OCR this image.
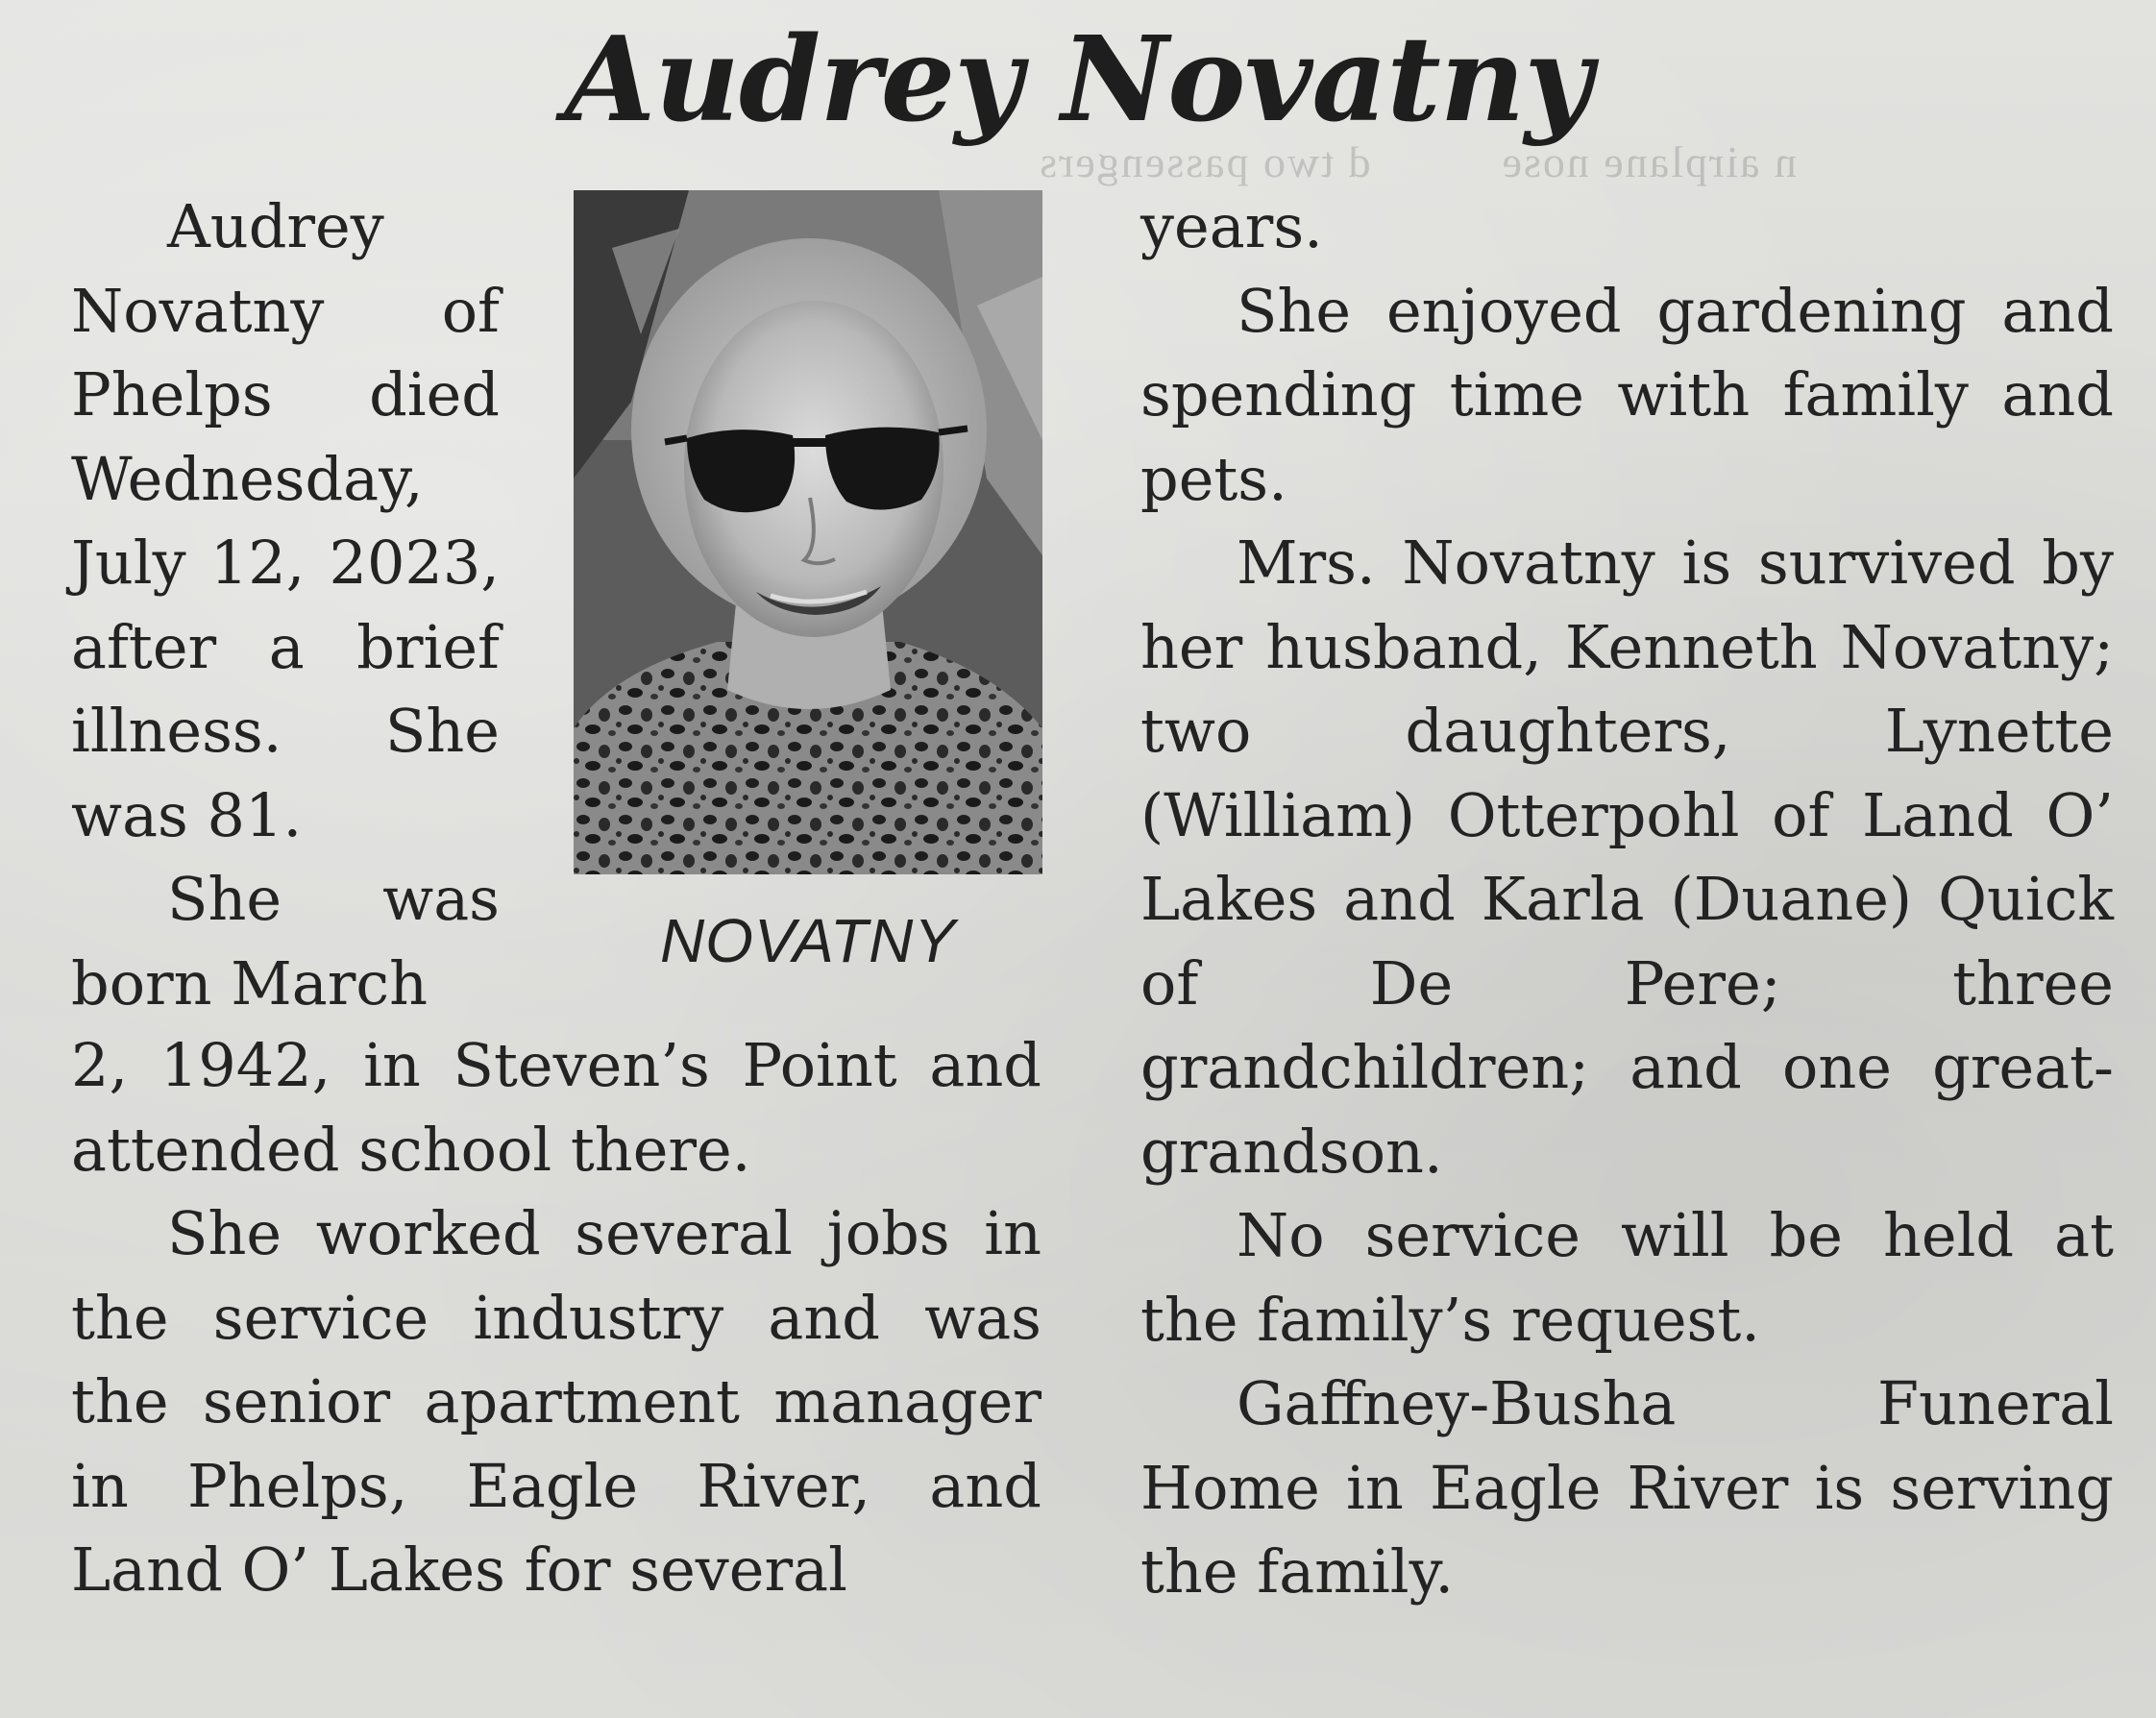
n airplane nose          d two passengers
Audrey Novatny

Audrey Novatny of Phelps died Wednesday, July 12, 2023, after a brief illness. She was 81.

She was born March

NOVATNY

2, 1942, in Steven’s Point and attended school there.

She worked several jobs in the service industry and was the senior apartment manager in Phelps, Eagle River, and Land O’ Lakes for several

years.

She enjoyed gardening and spending time with family and pets.

Mrs. Novatny is survived by her husband, Kenneth Novatny; two daughters, Lynette (William) Otterpohl of Land O’ Lakes and Karla (Duane) Quick of De Pere; three grandchildren; and one great-grandson.

No service will be held at the family’s request.

Gaffney-Busha Funeral Home in Eagle River is serving the family.
